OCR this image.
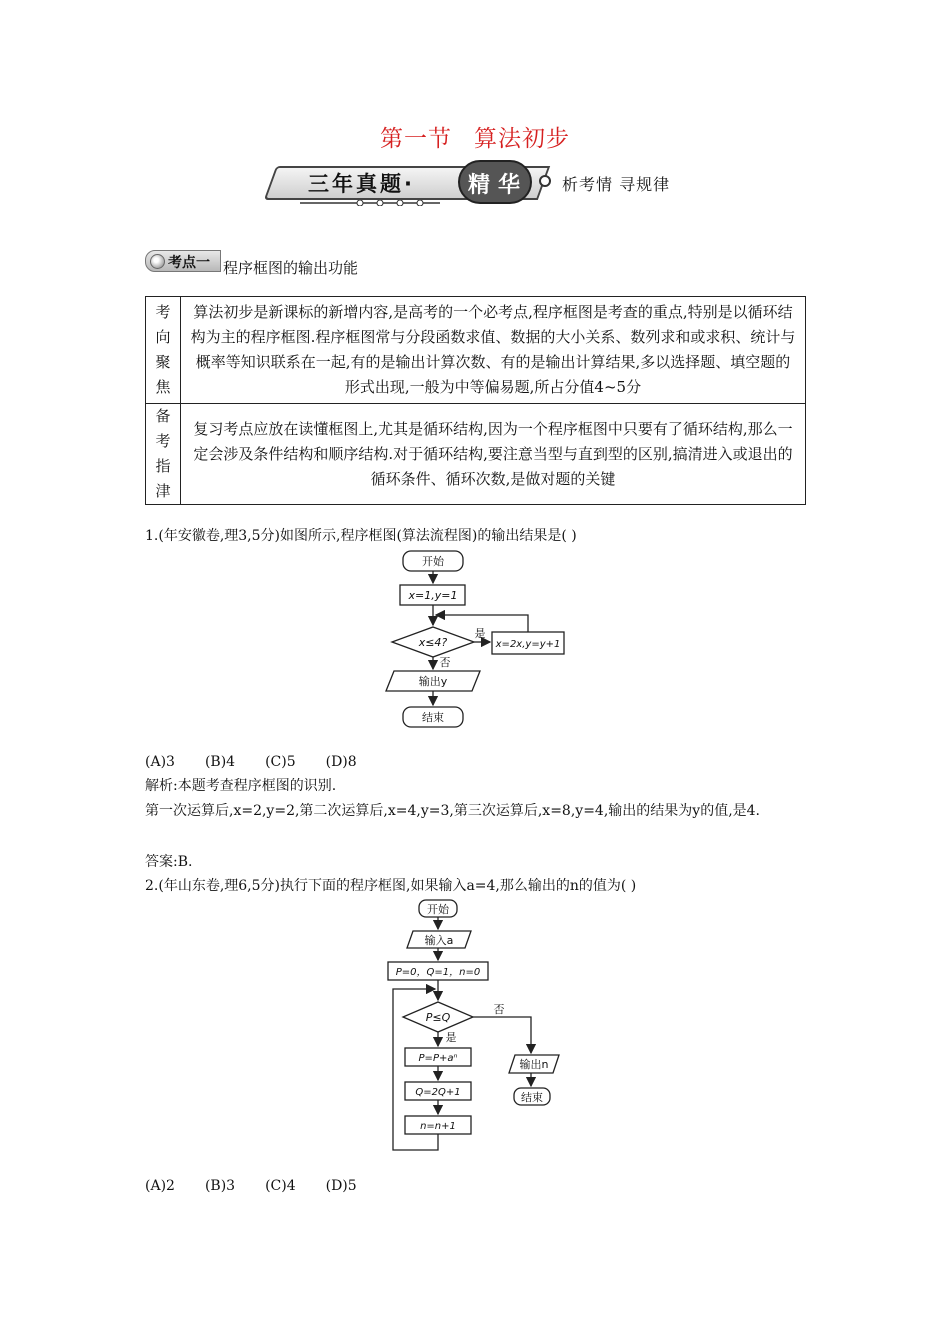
第一节 算法初步
三年真题· 精 华	析考情 寻规律
考点一 程序框图的输出功能
考
向
聚
焦	算法初步是新课标的新增内容,是高考的一个必考点,程序框图是考查的重点,特别是以循环结构为主的程序框图.程序框图常与分段函数求值、数据的大小关系、数列求和或求积、统计与概率等知识联系在一起,有的是输出计算次数、有的是输出计算结果,多以选择题、填空题的形式出现,一般为中等偏易题,所占分值4~5分

备
考
指
津	复习考点应放在读懂框图上,尤其是循环结构,因为一个程序框图中只要有了循环结构,那么一定会涉及条件结构和顺序结构.对于循环结构,要注意当型与直到型的区别,搞清进入或退出的循环条件、循环次数,是做对题的关键
1.(年安徽卷,理3,5分)如图所示,程序框图(算法流程图)的输出结果是( )
开始
x=1,y=1
x≤4?
是
否
x=2x,y=y+1
输出y
结束
(A)3 (B)4 (C)5 (D)8
解析:本题考查程序框图的识别.
第一次运算后,x=2,y=2,第二次运算后,x=4,y=3,第三次运算后,x=8,y=4,输出的结果为y的值,是4.
答案:B.
2.(年山东卷,理6,5分)执行下面的程序框图,如果输入a=4,那么输出的n的值为( )
开始
输入a
P=0，Q=1，n=0
P≤Q
否
是
P=P+aⁿ
Q=2Q+1
n=n+1
输出n
结束
(A)2 (B)3 (C)4 (D)5
